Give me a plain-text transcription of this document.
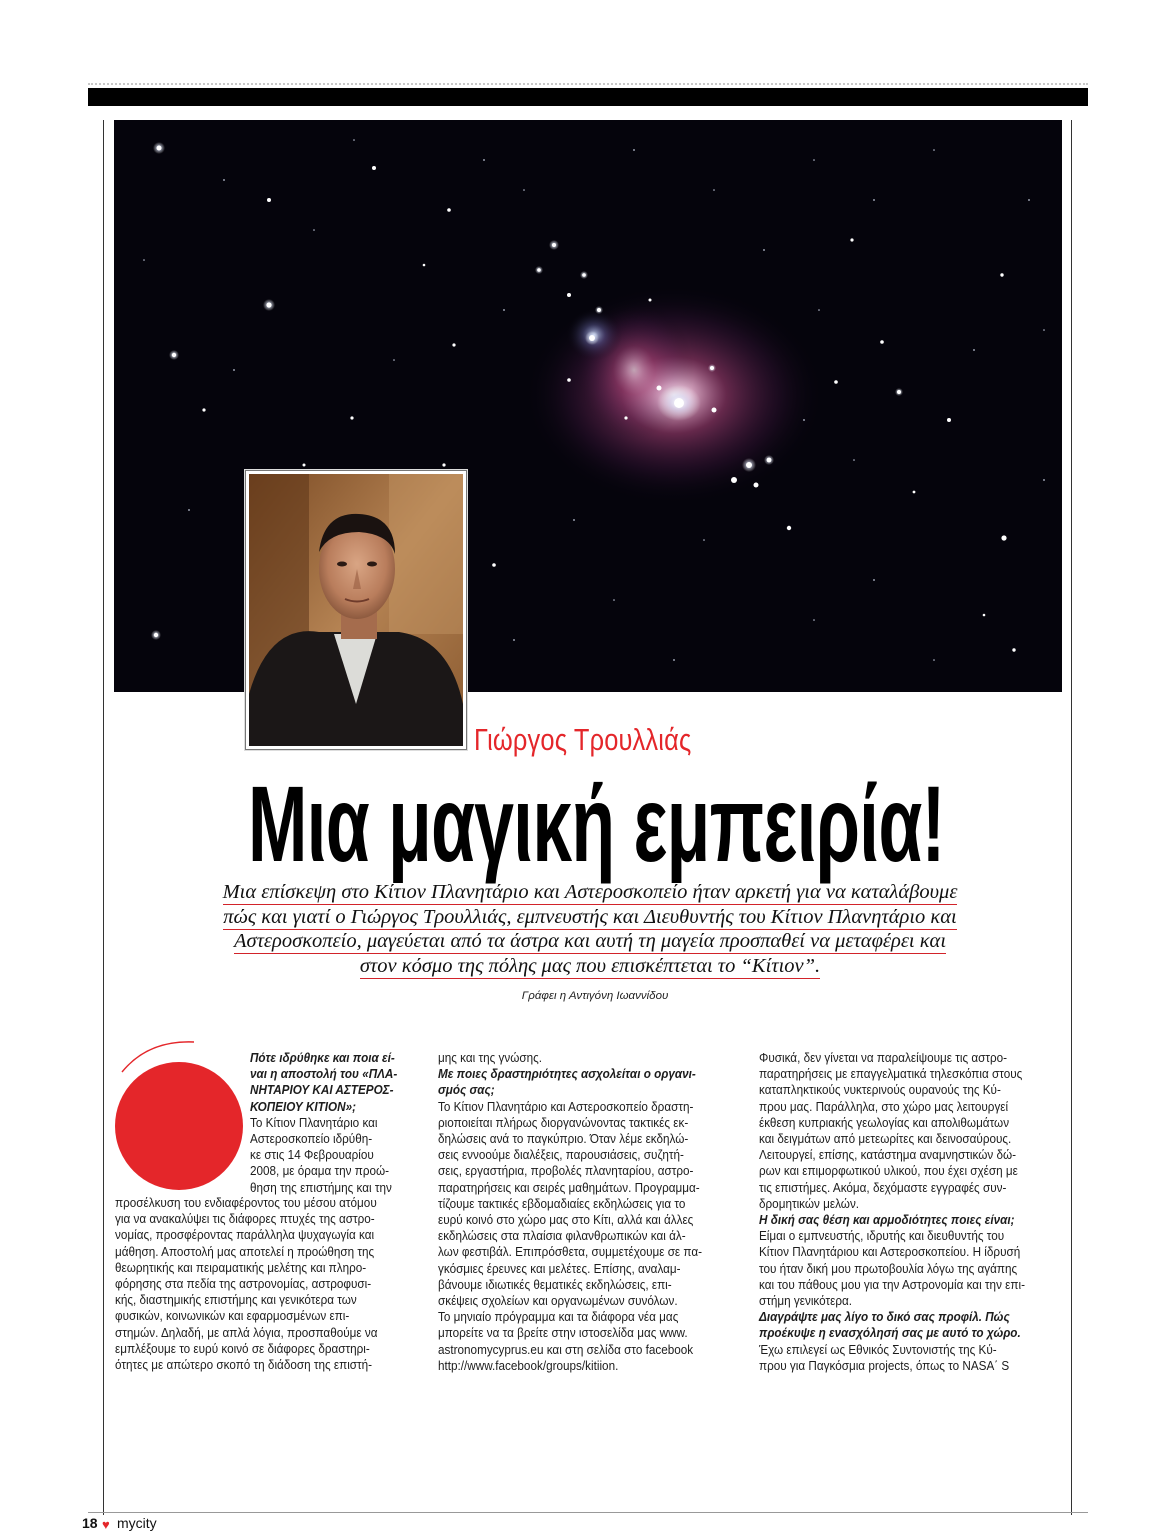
Γιώργος Τρουλλιάς
Μια μαγική εμπειρία!
Μια επίσκεψη στο Κίτιον Πλανητάριο και Αστεροσκοπείο ήταν αρκετή για να καταλάβουμε
πώς και γιατί ο Γιώργος Τρουλλιάς, εμπνευστής και Διευθυντής του Κίτιον Πλανητάριο και
Αστεροσκοπείο, μαγεύεται από τα άστρα και αυτή τη μαγεία προσπαθεί να μεταφέρει και
στον κόσμο της πόλης μας που επισκέπτεται το “Κίτιον”.
Γράφει η Αντιγόνη Ιωαννίδου

Πότε ιδρύθηκε και ποια εί-

ναι η αποστολή του «ΠΛΑ-

ΝΗΤΑΡΙΟΥ ΚΑΙ ΑΣΤΕΡΟΣ-

ΚΟΠΕΙΟΥ ΚΙΤΙΟΝ»;

Το Κίτιον Πλανητάριο και

Αστεροσκοπείο ιδρύθη-

κε στις 14 Φεβρουαρίου

2008, με όραμα την προώ-

θηση της επιστήμης και την

προσέλκυση του ενδιαφέροντος του μέσου ατόμου

για να ανακαλύψει τις διάφορες πτυχές της αστρο-

νομίας, προσφέροντας παράλληλα ψυχαγωγία και

μάθηση. Αποστολή μας αποτελεί η προώθηση της

θεωρητικής και πειραματικής μελέτης και πληρο-

φόρησης στα πεδία της αστρονομίας, αστροφυσι-

κής, διαστημικής επιστήμης και γενικότερα των

φυσικών, κοινωνικών και εφαρμοσμένων επι-

στημών. Δηλαδή, με απλά λόγια, προσπαθούμε να

εμπλέξουμε το ευρύ κοινό σε διάφορες δραστηρι-

ότητες με απώτερο σκοπό τη διάδοση της επιστή-

μης και της γνώσης.

Με ποιες δραστηριότητες ασχολείται ο οργανι-

σμός σας;

Το Κίτιον Πλανητάριο και Αστεροσκοπείο δραστη-

ριοποιείται πλήρως διοργανώνοντας τακτικές εκ-

δηλώσεις ανά το παγκύπριο. Όταν λέμε εκδηλώ-

σεις εννοούμε διαλέξεις, παρουσιάσεις, συζητή-

σεις, εργαστήρια, προβολές πλανηταρίου, αστρο-

παρατηρήσεις και σειρές μαθημάτων. Προγραμμα-

τίζουμε τακτικές εβδομαδιαίες εκδηλώσεις για το

ευρύ κοινό στο χώρο μας στο Κίτι, αλλά και άλλες

εκδηλώσεις στα πλαίσια φιλανθρωπικών και άλ-

λων φεστιβάλ. Επιπρόσθετα, συμμετέχουμε σε πα-

γκόσμιες έρευνες και μελέτες. Επίσης, αναλαμ-

βάνουμε ιδιωτικές θεματικές εκδηλώσεις, επι-

σκέψεις σχολείων και οργανωμένων συνόλων.

Το μηνιαίο πρόγραμμα και τα διάφορα νέα μας

μπορείτε να τα βρείτε στην ιστοσελίδα μας www.

astronomycyprus.eu και στη σελίδα στο facebook

http://www.facebook/groups/kitiion.

Φυσικά, δεν γίνεται να παραλείψουμε τις αστρο-

παρατηρήσεις με επαγγελματικά τηλεσκόπια στους

καταπληκτικούς νυκτερινούς ουρανούς της Κύ-

πρου μας. Παράλληλα, στο χώρο μας λειτουργεί

έκθεση κυπριακής γεωλογίας και απολιθωμάτων

και δειγμάτων από μετεωρίτες και δεινοσαύρους.

Λειτουργεί, επίσης, κατάστημα αναμνηστικών δώ-

ρων και επιμορφωτικού υλικού, που έχει σχέση με

τις επιστήμες. Ακόμα, δεχόμαστε εγγραφές συν-

δρομητικών μελών.

Η δική σας θέση και αρμοδιότητες ποιες είναι;

Είμαι ο εμπνευστής, ιδρυτής και διευθυντής του

Κίτιον Πλανητάριου και Αστεροσκοπείου. Η ίδρυσή

του ήταν δική μου πρωτοβουλία λόγω της αγάπης

και του πάθους μου για την Αστρονομία και την επι-

στήμη γενικότερα.

Διαγράψτε μας λίγο το δικό σας προφίλ. Πώς

προέκυψε η ενασχόλησή σας με αυτό το χώρο.

Έχω επιλεγεί ως Εθνικός Συντονιστής της Κύ-

πρου για Παγκόσμια projects, όπως το NASA΄ S

18 ♥ mycity
